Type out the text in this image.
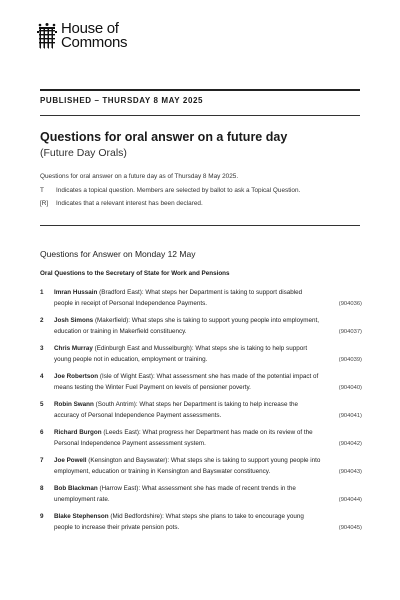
House of
Commons
PUBLISHED – THURSDAY 8 MAY 2025
Questions for oral answer on a future day
(Future Day Orals)
Questions for oral answer on a future day as of Thursday 8 May 2025.
T Indicates a topical question. Members are selected by ballot to ask a Topical Question.
[R] Indicates that a relevant interest has been declared.
Questions for Answer on Monday 12 May
Oral Questions to the Secretary of State for Work and Pensions
1 Imran Hussain (Bradford East): What steps her Department is taking to support disabled people in receipt of Personal Independence Payments.	(904036)
2 Josh Simons (Makerfield): What steps she is taking to support young people into employment, education or training in Makerfield constituency.	(904037)
3 Chris Murray (Edinburgh East and Musselburgh): What steps she is taking to help support young people not in education, employment or training.	(904039)
4 Joe Robertson (Isle of Wight East): What assessment she has made of the potential impact of means testing the Winter Fuel Payment on levels of pensioner poverty.	(904040)
5 Robin Swann (South Antrim): What steps her Department is taking to help increase the accuracy of Personal Independence Payment assessments.	(904041)
6 Richard Burgon (Leeds East): What progress her Department has made on its review of the Personal Independence Payment assessment system.	(904042)
7 Joe Powell (Kensington and Bayswater): What steps she is taking to support young people into employment, education or training in Kensington and Bayswater constituency.	(904043)
8 Bob Blackman (Harrow East): What assessment she has made of recent trends in the unemployment rate.	(904044)
9 Blake Stephenson (Mid Bedfordshire): What steps she plans to take to encourage young people to increase their private pension pots.	(904045)
